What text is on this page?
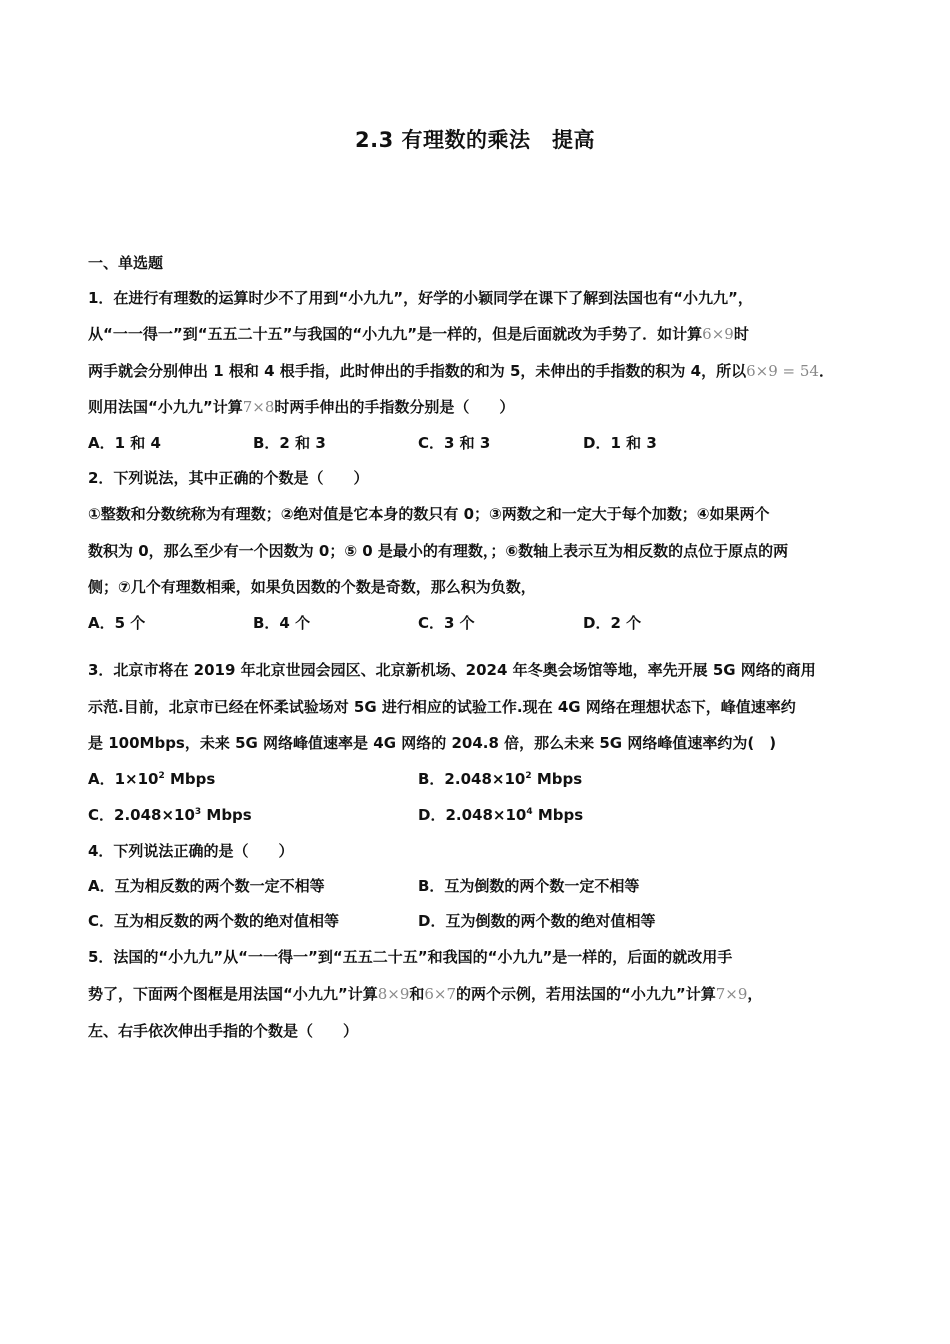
2.3 有理数的乘法　提高
一、单选题
1．在进行有理数的运算时少不了用到“小九九”，好学的小颖同学在课下了解到法国也有“小九九”，
从“一一得一”到“五五二十五”与我国的“小九九”是一样的，但是后面就改为手势了．如计算6×9时
两手就会分别伸出 1 根和 4 根手指，此时伸出的手指数的和为 5，未伸出的手指数的积为 4，所以6×9 = 54．
则用法国“小九九”计算7×8时两手伸出的手指数分别是（　　）
A．1 和 4	B．2 和 3	C．3 和 3	D．1 和 3
2．下列说法，其中正确的个数是（　　）
①整数和分数统称为有理数；②绝对值是它本身的数只有 0；③两数之和一定大于每个加数；④如果两个
数积为 0，那么至少有一个因数为 0；⑤ 0 是最小的有理数，；⑥数轴上表示互为相反数的点位于原点的两
侧；⑦几个有理数相乘，如果负因数的个数是奇数，那么积为负数，
A．5 个	B．4 个	C．3 个	D．2 个
3．北京市将在 2019 年北京世园会园区、北京新机场、2024 年冬奥会场馆等地，率先开展 5G 网络的商用
示范.目前，北京市已经在怀柔试验场对 5G 进行相应的试验工作.现在 4G 网络在理想状态下，峰值速率约
是 100Mbps，未来 5G 网络峰值速率是 4G 网络的 204.8 倍，那么未来 5G 网络峰值速率约为(　)
A．$1\times 10^2$ Mbps	B．$2.048\times 10^2$ Mbps
C．$2.048\times 10^3$ Mbps	D．$2.048\times 10^4$ Mbps
4．下列说法正确的是（　　）
A．互为相反数的两个数一定不相等	B．互为倒数的两个数一定不相等
C．互为相反数的两个数的绝对值相等	D．互为倒数的两个数的绝对值相等
5．法国的“小九九”从“一一得一”到“五五二十五”和我国的“小九九”是一样的，后面的就改用手
势了，下面两个图框是用法国“小九九”计算8×9和6×7的两个示例，若用法国的“小九九”计算7×9，
左、右手依次伸出手指的个数是（　　）
